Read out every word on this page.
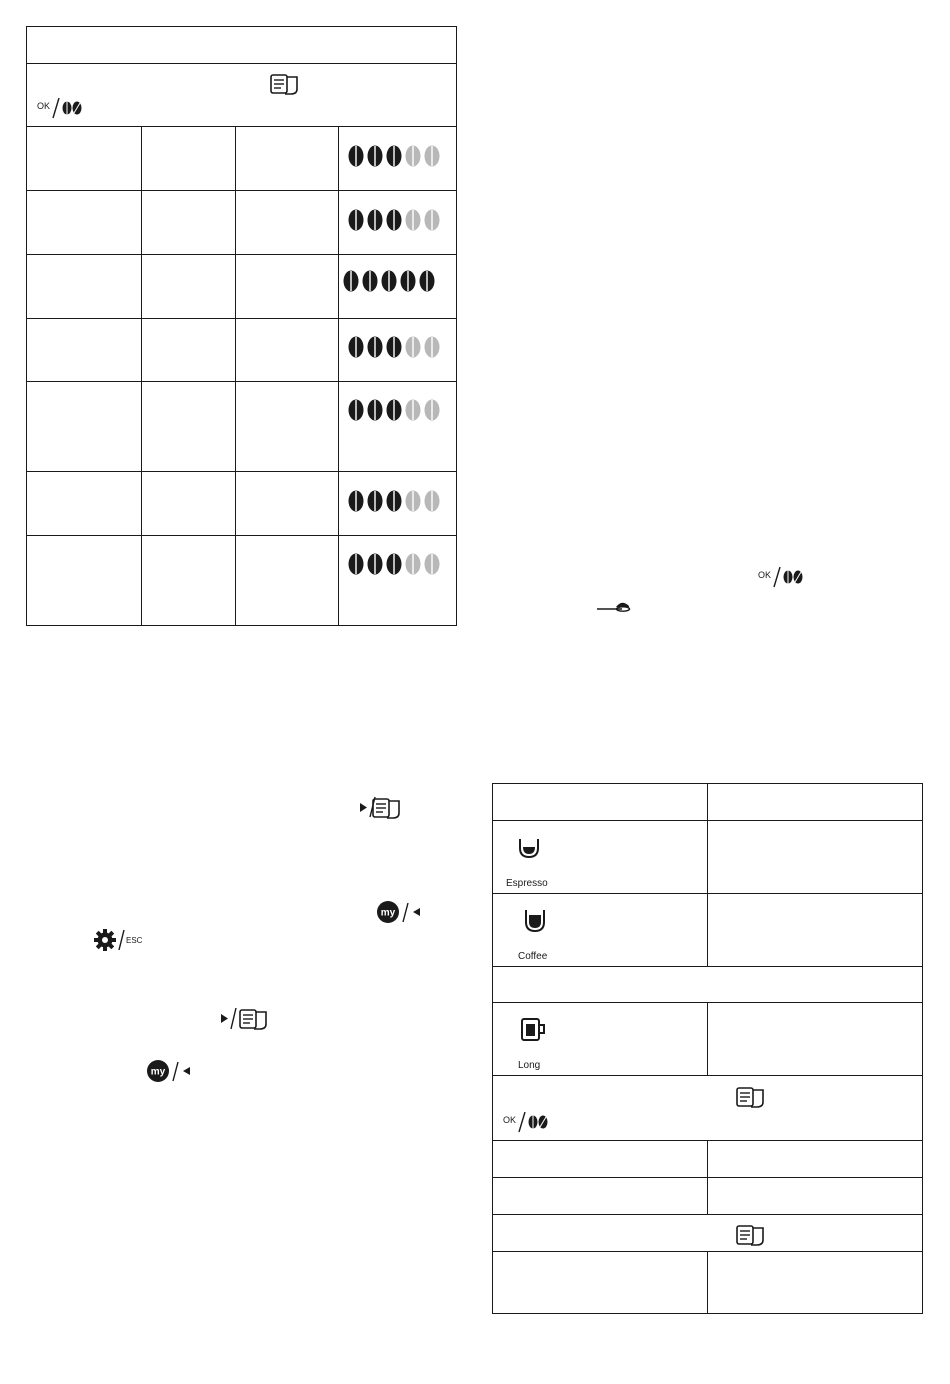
my
ESC
my
Espresso
Coffee
Long
